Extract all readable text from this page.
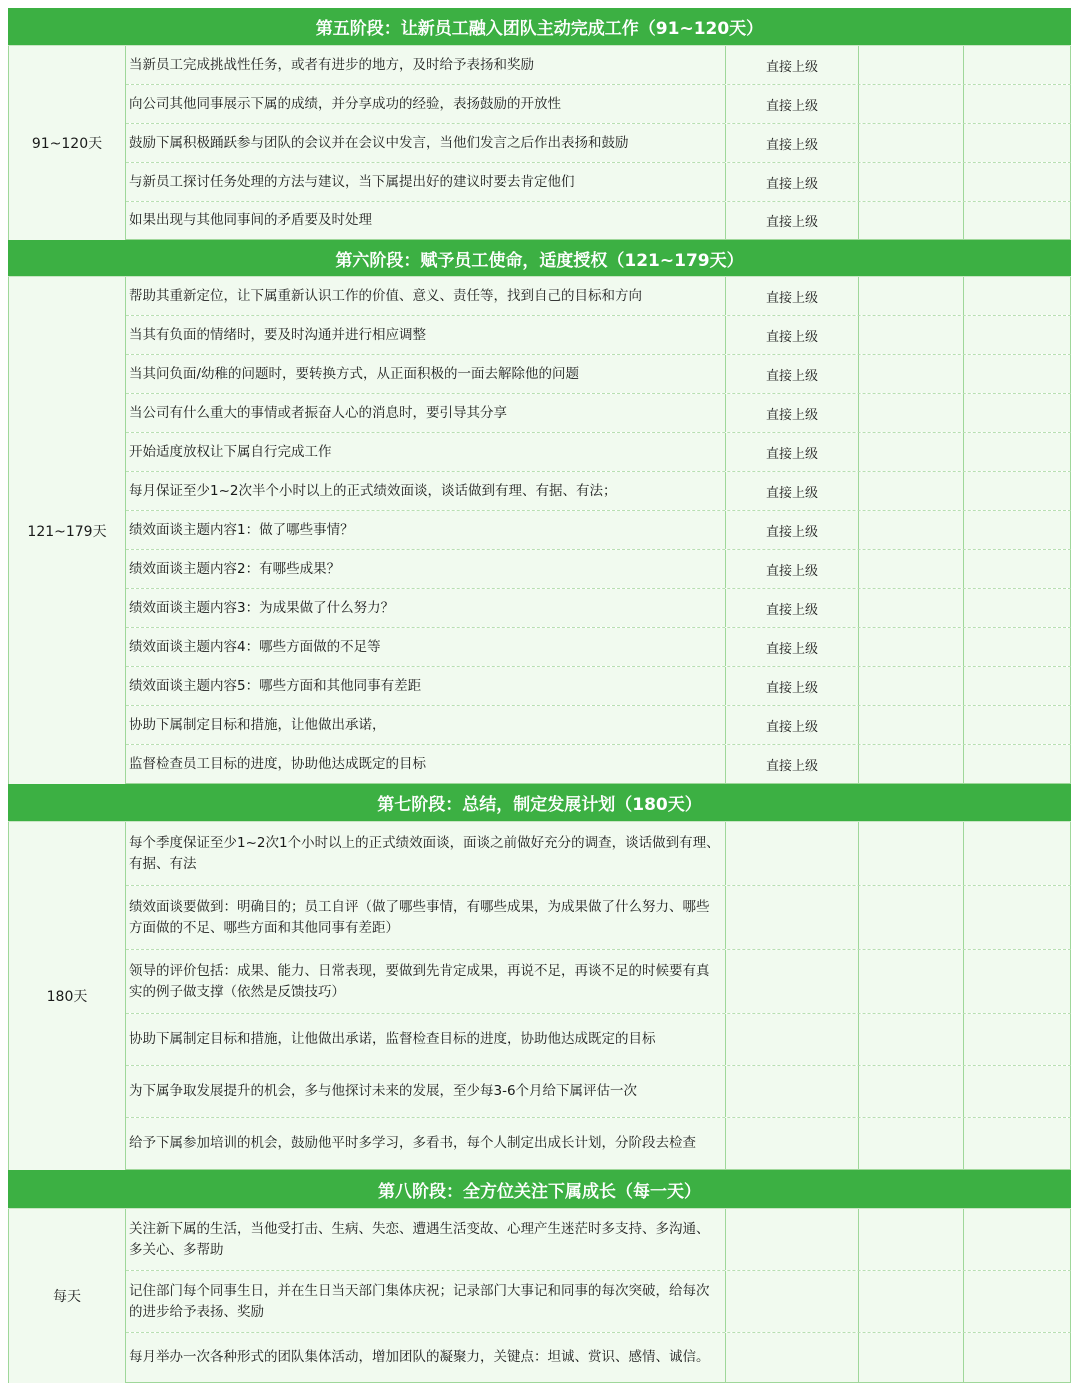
第五阶段：让新员工融入团队主动完成工作（91~120天）
91~120天
当新员工完成挑战性任务，或者有进步的地方，及时给予表扬和奖励	直接上级
向公司其他同事展示下属的成绩，并分享成功的经验，表扬鼓励的开放性	直接上级
鼓励下属积极踊跃参与团队的会议并在会议中发言，当他们发言之后作出表扬和鼓励	直接上级
与新员工探讨任务处理的方法与建议，当下属提出好的建议时要去肯定他们	直接上级
如果出现与其他同事间的矛盾要及时处理	直接上级
第六阶段：赋予员工使命，适度授权（121~179天）
121~179天
帮助其重新定位，让下属重新认识工作的价值、意义、责任等，找到自己的目标和方向	直接上级
当其有负面的情绪时，要及时沟通并进行相应调整	直接上级
当其问负面/幼稚的问题时，要转换方式，从正面积极的一面去解除他的问题	直接上级
当公司有什么重大的事情或者振奋人心的消息时，要引导其分享	直接上级
开始适度放权让下属自行完成工作	直接上级
每月保证至少1~2次半个小时以上的正式绩效面谈，谈话做到有理、有据、有法；	直接上级
绩效面谈主题内容1：做了哪些事情？	直接上级
绩效面谈主题内容2：有哪些成果？	直接上级
绩效面谈主题内容3：为成果做了什么努力？	直接上级
绩效面谈主题内容4：哪些方面做的不足等	直接上级
绩效面谈主题内容5：哪些方面和其他同事有差距	直接上级
协助下属制定目标和措施，让他做出承诺，	直接上级
监督检查员工目标的进度，协助他达成既定的目标	直接上级
第七阶段：总结，制定发展计划（180天）
180天
每个季度保证至少1~2次1个小时以上的正式绩效面谈，面谈之前做好充分的调查，谈话做到有理、有据、有法
绩效面谈要做到：明确目的；员工自评（做了哪些事情，有哪些成果，为成果做了什么努力、哪些方面做的不足、哪些方面和其他同事有差距）
领导的评价包括：成果、能力、日常表现，要做到先肯定成果，再说不足，再谈不足的时候要有真实的例子做支撑（依然是反馈技巧）
协助下属制定目标和措施，让他做出承诺，监督检查目标的进度，协助他达成既定的目标
为下属争取发展提升的机会，多与他探讨未来的发展，至少每3-6个月给下属评估一次
给予下属参加培训的机会，鼓励他平时多学习，多看书，每个人制定出成长计划，分阶段去检查
第八阶段：全方位关注下属成长（每一天）
每天
关注新下属的生活，当他受打击、生病、失恋、遭遇生活变故、心理产生迷茫时多支持、多沟通、多关心、多帮助
记住部门每个同事生日，并在生日当天部门集体庆祝；记录部门大事记和同事的每次突破，给每次的进步给予表扬、奖励
每月举办一次各种形式的团队集体活动，增加团队的凝聚力，关键点：坦诚、赏识、感情、诚信。
